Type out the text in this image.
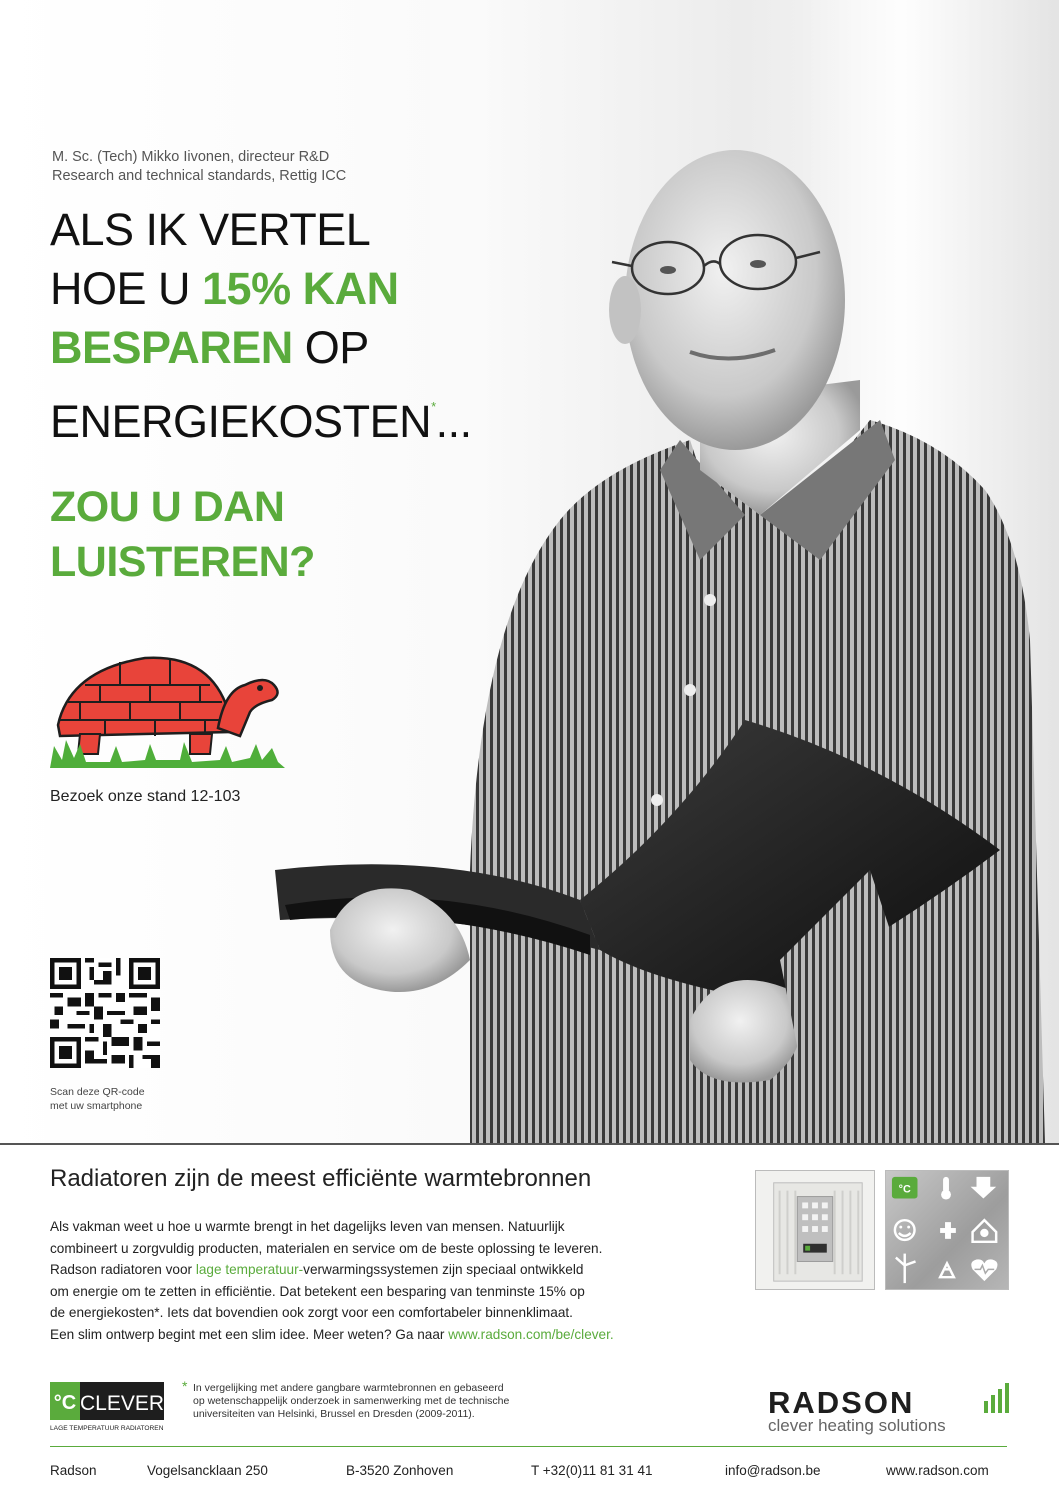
M. Sc. (Tech) Mikko Iivonen, directeur R&D
Research and technical standards, Rettig ICC
ALS IK VERTEL
HOE U 15% KAN
BESPAREN OP
ENERGIEKOSTEN*...
ZOU U DAN
LUISTEREN?
Bezoek onze stand 12-103
Scan deze QR-code
met uw smartphone
Radiatoren zijn de meest efficiënte warmtebronnen
Als vakman weet u hoe u warmte brengt in het dagelijks leven van mensen. Natuurlijk
combineert u zorgvuldig producten, materialen en service om de beste oplossing te leveren.
Radson radiatoren voor lage temperatuur-verwarmingssystemen zijn speciaal ontwikkeld
om energie om te zetten in efficiëntie. Dat betekent een besparing van tenminste 15% op
de energiekosten*. Iets dat bovendien ook zorgt voor een comfortabeler binnenklimaat.
Een slim ontwerp begint met een slim idee. Meer weten? Ga naar www.radson.com/be/clever.
°C
°C CLEVER
LAGE TEMPERATUUR RADIATOREN
* In vergelijking met andere gangbare warmtebronnen en gebaseerd
op wetenschappelijk onderzoek in samenwerking met de technische
universiteiten van Helsinki, Brussel en Dresden (2009-2011).	RADSON
clever heating solutions
Radson	Vogelsancklaan 250	B-3520 Zonhoven	T +32(0)11 81 31 41	info@radson.be	www.radson.com
